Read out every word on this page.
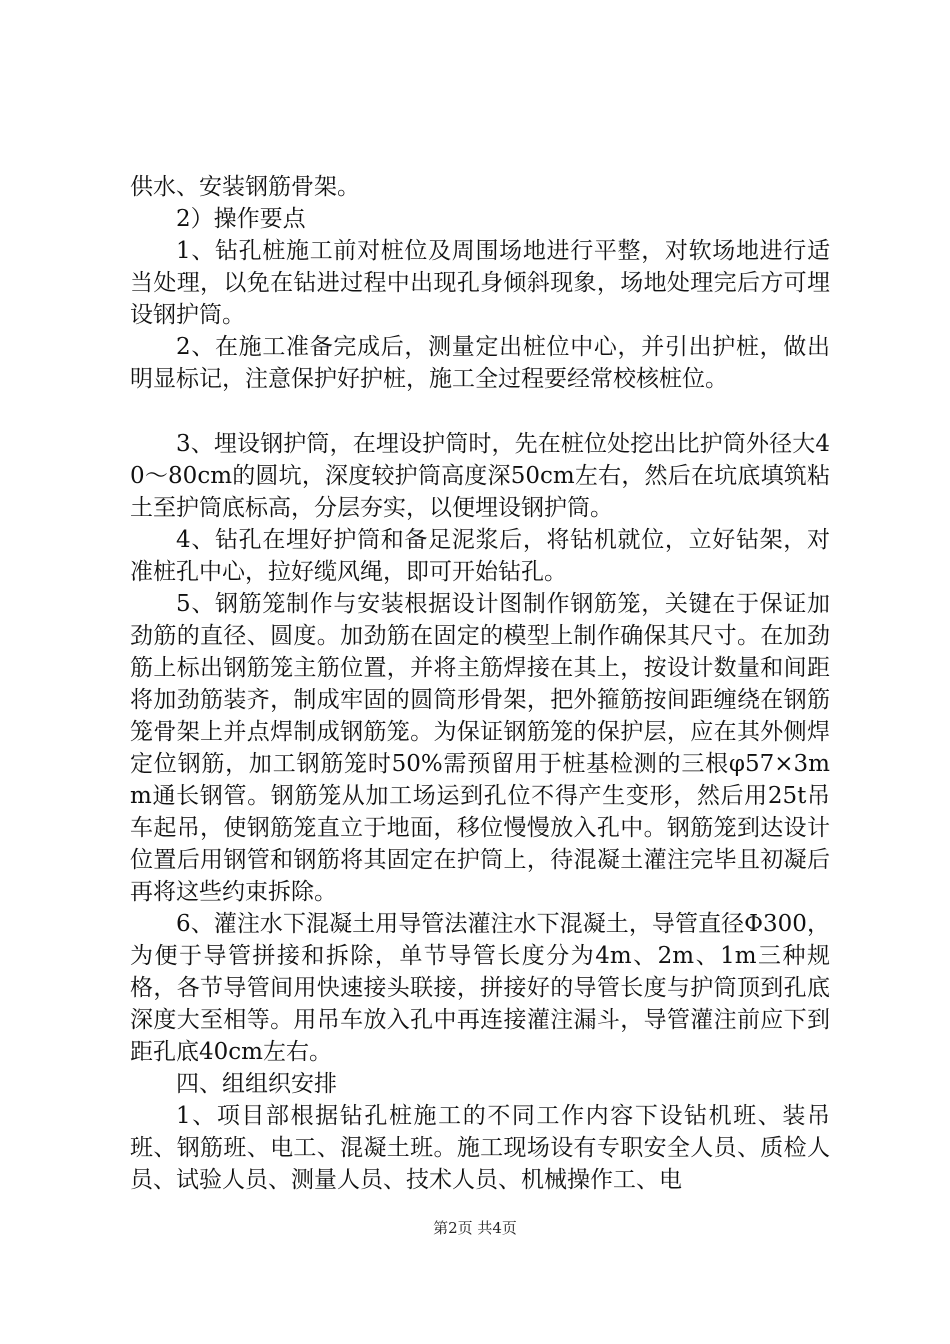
供水、安装钢筋骨架。

2）操作要点

1、钻孔桩施工前对桩位及周围场地进行平整，对软场地进行适当处理，以免在钻进过程中出现孔身倾斜现象，场地处理完后方可埋设钢护筒。

2、在施工准备完成后，测量定出桩位中心，并引出护桩，做出明显标记，注意保护好护桩，施工全过程要经常校核桩位。

3、埋设钢护筒，在埋设护筒时，先在桩位处挖出比护筒外径大40～80cm的圆坑，深度较护筒高度深50cm左右，然后在坑底填筑粘土至护筒底标高，分层夯实，以便埋设钢护筒。

4、钻孔在埋好护筒和备足泥浆后，将钻机就位，立好钻架，对准桩孔中心，拉好缆风绳，即可开始钻孔。

5、钢筋笼制作与安装根据设计图制作钢筋笼，关键在于保证加劲筋的直径、圆度。加劲筋在固定的模型上制作确保其尺寸。在加劲筋上标出钢筋笼主筋位置，并将主筋焊接在其上，按设计数量和间距将加劲筋装齐，制成牢固的圆筒形骨架，把外箍筋按间距缠绕在钢筋笼骨架上并点焊制成钢筋笼。为保证钢筋笼的保护层，应在其外侧焊定位钢筋，加工钢筋笼时50%需预留用于桩基检测的三根φ57×3mm通长钢管。钢筋笼从加工场运到孔位不得产生变形，然后用25t吊车起吊，使钢筋笼直立于地面，移位慢慢放入孔中。钢筋笼到达设计位置后用钢管和钢筋将其固定在护筒上，待混凝土灌注完毕且初凝后再将这些约束拆除。

6、灌注水下混凝土用导管法灌注水下混凝土，导管直径Φ300，为便于导管拼接和拆除，单节导管长度分为4m、2m、1m三种规格，各节导管间用快速接头联接，拼接好的导管长度与护筒顶到孔底深度大至相等。用吊车放入孔中再连接灌注漏斗，导管灌注前应下到距孔底40cm左右。

四、组组织安排

1、项目部根据钻孔桩施工的不同工作内容下设钻机班、装吊班、钢筋班、电工、混凝土班。施工现场设有专职安全人员、质检人员、试验人员、测量人员、技术人员、机械操作工、电

第2页 共4页
